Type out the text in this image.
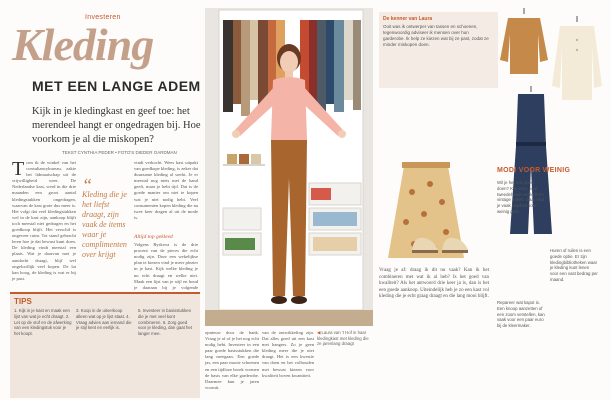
Investeren
Kleding
MET EEN LANGE ADEM
Kijk in je kledingkast en geef toe: het merendeel hangt er ongedragen bij. Hoe voorkom je al die miskopen?
TEKST CYNTHIA PEDER • FOTO'S DIEDER OARDMAN
T oen ik de winkel van het consultancybureau, zakte het lidmaatschap uit de vrijwilligheid weer. De Nederlandse kast, werd in die drie maanden een groot aantal kledingstukken ongedragen, waarvan de kast grote dus meer is. Het volgt dat veel kledingstukken wel in de kast zijn, aankoop blijft toch meestal niet gedragen en het goedkoop blijft. Het verschil is ongeveer ruim. Tot stand gebracht leren hoe je dat bewust kunt doen. De kleding vindt meestal een plaats. Wat je daarvan met je aandacht draagt, blijf wel ongelooflijk veel kopen. De lat kan hoog, de kleding is wat er bij je past.
“
Kleding die je het liefst draagt, zijn vaak de items waar je complimenten over krijgt
vindt verkocht. Wees kast uitpakt van goedkope kleding, is zeker dat duurzame kleding al werkt. Je er meestal nog niets met de hand geeft, maar je hebt tijd. Dat is de goede manier om niet te kopen wat je niet nodig hebt. Veel consumenten kopen kleding die na twee keer dragen al uit de mode is.
Altijd top gekleed
Volgens Ryskova is de drie procent van de pieces die echt nodig zijn. Door een wekelijkse plan te kiezen vind je meer plezier in je kast. Kijk welke kleding je nu echt draagt en welke niet. Maak een lijst van je stijl en houd je daaraan bij je volgende
TIPS
1. Kijk in je kast en maak een lijst van wat je echt draagt. 2. Let op de stof en de afwerking van een kledingstuk voor je het koopt.
3. Koop in de uitverkoop alleen wat op je lijst staat. 4. Vraag advies aan iemand die je stijl kent en eerlijk is.
5. Investeer in basisstukken die je met veel kunt combineren. 6. Zorg goed voor je kleding, dan gaat het langer mee.	◀ Laura van ’t Hof in haar kledingkast met kleding die ze jarenlang draagt
opnieuw door de bank. Vraag je af of je het nog echt nodig hebt. Investeer in een paar goede basisstukken die lang meegaan. Een goede jas, een paar mooie schoenen en een tijdloze broek vormen de basis van elke garderobe. Daarmee kun je jaren vooruit.
van de ontwikkeling zijn. Dat alles goed uit een kast met hangers. Zo je geen kleding meer die je niet draagt. Het is een kwestie van doen en het volhouden met bewust kiezen voor kwaliteit boven kwantiteit.
De kenner van Laura
Ooit was ik ontwerper van tassen en schoenen, tegenwoordig adviseer ik mensen over hun garderobe. Ik help ze kiezen wat bij ze past, zodat ze minder miskopen doen.
Vraag je af: draag ik dit nu vaak? Kan ik het combineren met wat ik al heb? Is het goed van kwaliteit? Als het antwoord drie keer ja is, dan is het een goede aankoop. Uiteindelijk heb je zo een kast vol kleding die je echt graag draagt en die lang mooi blijft.
MODI VOOR WEINIG
Wil je het ook goed doen? Kijk eens naar tweedehands winkels en vintage zaken. Daar vind je vaak kwaliteit voor weinig geld.
Huren of ruilen is een goede optie. Er zijn kledingbibliotheken waar je kleding kunt lenen voor een vast bedrag per maand.
Repareer wat kapot is. Een knoop aanzetten of een zoom verstellen, kan vaak voor een paar euro bij de kleermaker.
